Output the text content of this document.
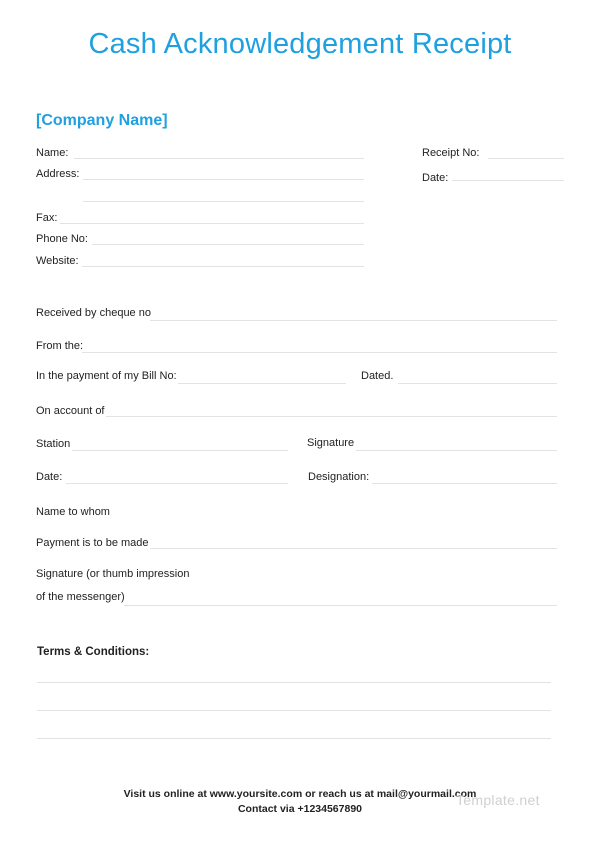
Cash Acknowledgement Receipt
[Company Name]
Name:
Address:
Fax:
Phone No:
Website:
Receipt No:
Date:
Received by cheque no
From the:
In the payment of my Bill No:	Dated.
On account of
Station	Signature
Date:	Designation:
Name to whom
Payment is to be made
Signature (or thumb impression
of the messenger)
Terms & Conditions:
Visit us online at www.yoursite.com or reach us at mail@yourmail.com
Contact via +1234567890
Template.net
